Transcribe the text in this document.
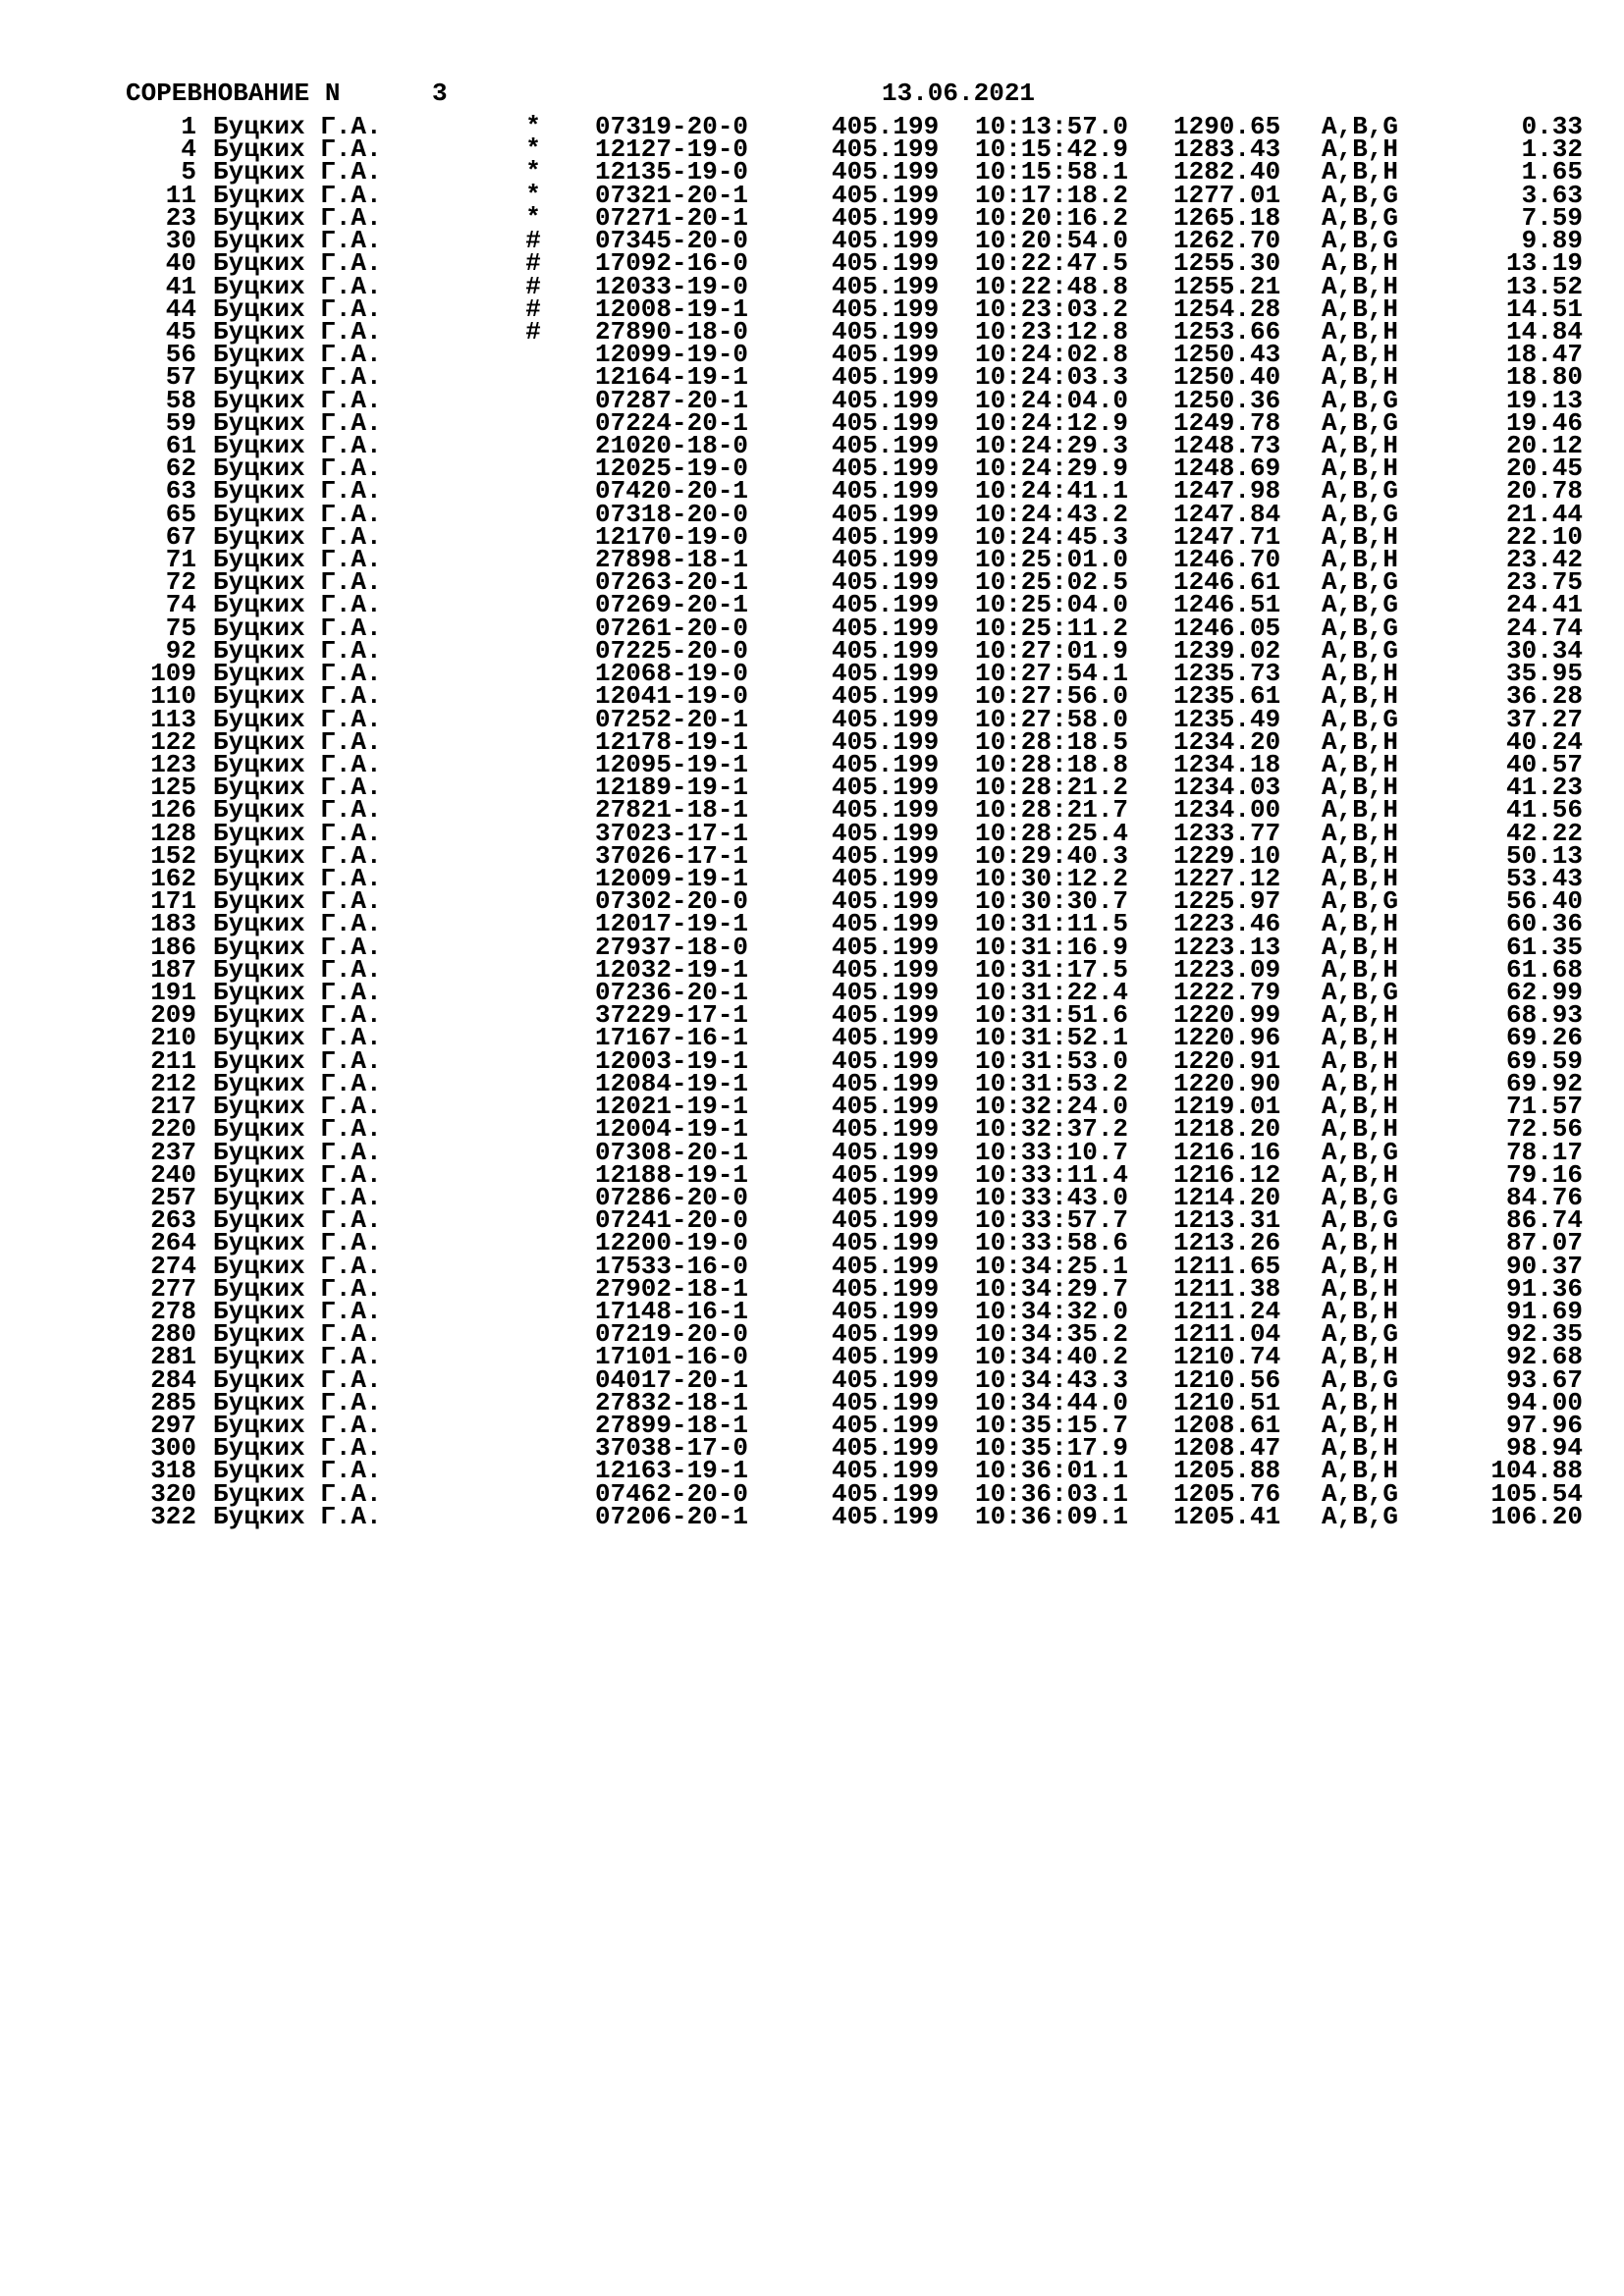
СОРЕВНОВАНИЕ N

	3

	13.06.2021

1 Буцких Г.А.	* 07319-20-0	405.199 10:13:57.0 1290.65 A,B,G	0.33
4 Буцких Г.А.	* 12127-19-0	405.199 10:15:42.9 1283.43 A,B,H	1.32
5 Буцких Г.А.	* 12135-19-0	405.199 10:15:58.1 1282.40 A,B,H	1.65
11 Буцких Г.А.	* 07321-20-1	405.199 10:17:18.2 1277.01 A,B,G	3.63
23 Буцких Г.А.	* 07271-20-1	405.199 10:20:16.2 1265.18 A,B,G	7.59
30 Буцких Г.А.	# 07345-20-0	405.199 10:20:54.0 1262.70 A,B,G	9.89
40 Буцких Г.А.	# 17092-16-0	405.199 10:22:47.5 1255.30 A,B,H	13.19
41 Буцких Г.А.	# 12033-19-0	405.199 10:22:48.8 1255.21 A,B,H	13.52
44 Буцких Г.А.	# 12008-19-1	405.199 10:23:03.2 1254.28 A,B,H	14.51
45 Буцких Г.А.	# 27890-18-0	405.199 10:23:12.8 1253.66 A,B,H	14.84
56 Буцких Г.А.	12099-19-0	405.199 10:24:02.8 1250.43 A,B,H	18.47
57 Буцких Г.А.	12164-19-1	405.199 10:24:03.3 1250.40 A,B,H	18.80
58 Буцких Г.А.	07287-20-1	405.199 10:24:04.0 1250.36 A,B,G	19.13
59 Буцких Г.А.	07224-20-1	405.199 10:24:12.9 1249.78 A,B,G	19.46
61 Буцких Г.А.	21020-18-0	405.199 10:24:29.3 1248.73 A,B,H	20.12
62 Буцких Г.А.	12025-19-0	405.199 10:24:29.9 1248.69 A,B,H	20.45
63 Буцких Г.А.	07420-20-1	405.199 10:24:41.1 1247.98 A,B,G	20.78
65 Буцких Г.А.	07318-20-0	405.199 10:24:43.2 1247.84 A,B,G	21.44
67 Буцких Г.А.	12170-19-0	405.199 10:24:45.3 1247.71 A,B,H	22.10
71 Буцких Г.А.	27898-18-1	405.199 10:25:01.0 1246.70 A,B,H	23.42
72 Буцких Г.А.	07263-20-1	405.199 10:25:02.5 1246.61 A,B,G	23.75
74 Буцких Г.А.	07269-20-1	405.199 10:25:04.0 1246.51 A,B,G	24.41
75 Буцких Г.А.	07261-20-0	405.199 10:25:11.2 1246.05 A,B,G	24.74
92 Буцких Г.А.	07225-20-0	405.199 10:27:01.9 1239.02 A,B,G	30.34
109 Буцких Г.А.	12068-19-0	405.199 10:27:54.1 1235.73 A,B,H	35.95
110 Буцких Г.А.	12041-19-0	405.199 10:27:56.0 1235.61 A,B,H	36.28
113 Буцких Г.А.	07252-20-1	405.199 10:27:58.0 1235.49 A,B,G	37.27
122 Буцких Г.А.	12178-19-1	405.199 10:28:18.5 1234.20 A,B,H	40.24
123 Буцких Г.А.	12095-19-1	405.199 10:28:18.8 1234.18 A,B,H	40.57
125 Буцких Г.А.	12189-19-1	405.199 10:28:21.2 1234.03 A,B,H	41.23
126 Буцких Г.А.	27821-18-1	405.199 10:28:21.7 1234.00 A,B,H	41.56
128 Буцких Г.А.	37023-17-1	405.199 10:28:25.4 1233.77 A,B,H	42.22
152 Буцких Г.А.	37026-17-1	405.199 10:29:40.3 1229.10 A,B,H	50.13
162 Буцких Г.А.	12009-19-1	405.199 10:30:12.2 1227.12 A,B,H	53.43
171 Буцких Г.А.	07302-20-0	405.199 10:30:30.7 1225.97 A,B,G	56.40
183 Буцких Г.А.	12017-19-1	405.199 10:31:11.5 1223.46 A,B,H	60.36
186 Буцких Г.А.	27937-18-0	405.199 10:31:16.9 1223.13 A,B,H	61.35
187 Буцких Г.А.	12032-19-1	405.199 10:31:17.5 1223.09 A,B,H	61.68
191 Буцких Г.А.	07236-20-1	405.199 10:31:22.4 1222.79 A,B,G	62.99
209 Буцких Г.А.	37229-17-1	405.199 10:31:51.6 1220.99 A,B,H	68.93
210 Буцких Г.А.	17167-16-1	405.199 10:31:52.1 1220.96 A,B,H	69.26
211 Буцких Г.А.	12003-19-1	405.199 10:31:53.0 1220.91 A,B,H	69.59
212 Буцких Г.А.	12084-19-1	405.199 10:31:53.2 1220.90 A,B,H	69.92
217 Буцких Г.А.	12021-19-1	405.199 10:32:24.0 1219.01 A,B,H	71.57
220 Буцких Г.А.	12004-19-1	405.199 10:32:37.2 1218.20 A,B,H	72.56
237 Буцких Г.А.	07308-20-1	405.199 10:33:10.7 1216.16 A,B,G	78.17
240 Буцких Г.А.	12188-19-1	405.199 10:33:11.4 1216.12 A,B,H	79.16
257 Буцких Г.А.	07286-20-0	405.199 10:33:43.0 1214.20 A,B,G	84.76
263 Буцких Г.А.	07241-20-0	405.199 10:33:57.7 1213.31 A,B,G	86.74
264 Буцких Г.А.	12200-19-0	405.199 10:33:58.6 1213.26 A,B,H	87.07
274 Буцких Г.А.	17533-16-0	405.199 10:34:25.1 1211.65 A,B,H	90.37
277 Буцких Г.А.	27902-18-1	405.199 10:34:29.7 1211.38 A,B,H	91.36
278 Буцких Г.А.	17148-16-1	405.199 10:34:32.0 1211.24 A,B,H	91.69
280 Буцких Г.А.	07219-20-0	405.199 10:34:35.2 1211.04 A,B,G	92.35
281 Буцких Г.А.	17101-16-0	405.199 10:34:40.2 1210.74 A,B,H	92.68
284 Буцких Г.А.	04017-20-1	405.199 10:34:43.3 1210.56 A,B,G	93.67
285 Буцких Г.А.	27832-18-1	405.199 10:34:44.0 1210.51 A,B,H	94.00
297 Буцких Г.А.	27899-18-1	405.199 10:35:15.7 1208.61 A,B,H	97.96
300 Буцких Г.А.	37038-17-0	405.199 10:35:17.9 1208.47 A,B,H	98.94
318 Буцких Г.А.	12163-19-1	405.199 10:36:01.1 1205.88 A,B,H	104.88
320 Буцких Г.А.	07462-20-0	405.199 10:36:03.1 1205.76 A,B,G	105.54
322 Буцких Г.А.	07206-20-1	405.199 10:36:09.1 1205.41 A,B,G	106.20
